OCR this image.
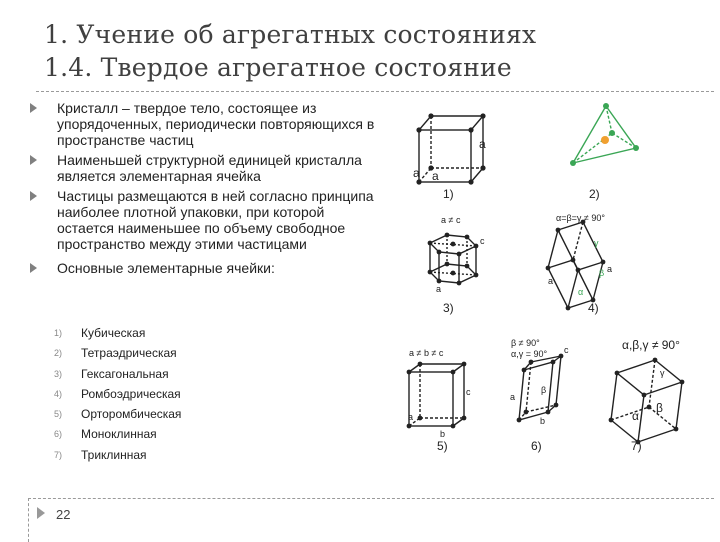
1. Учение об агрегатных состояниях
1.4. Твердое агрегатное состояние
Кристалл – твердое тело, состоящее из упорядоченных, периодически повторяющихся в пространстве частиц
Наименьшей структурной единицей кристалла является элементарная ячейка
Частицы размещаются в ней согласно принципа наиболее плотной упаковки, при которой остается наименьшее по объему свободное пространство между этими частицами
Основные элементарные ячейки:
1)	Кубическая
2)	Тетраэдрическая
3)	Гексагональная
4)	Ромбоэдрическая
5)	Орторомбическая
6)	Моноклинная
7)	Триклинная
a
a a
1)	2)
a ≠ c
c
a
3)
α=β=γ ≠ 90°
γ
β
α
a
a
4)
a ≠ b ≠ c
c
b
a
5)
β ≠ 90°
α,γ = 90° c
β
a
b
6)
α,β,γ ≠ 90°
γ
β
α
7)
22
